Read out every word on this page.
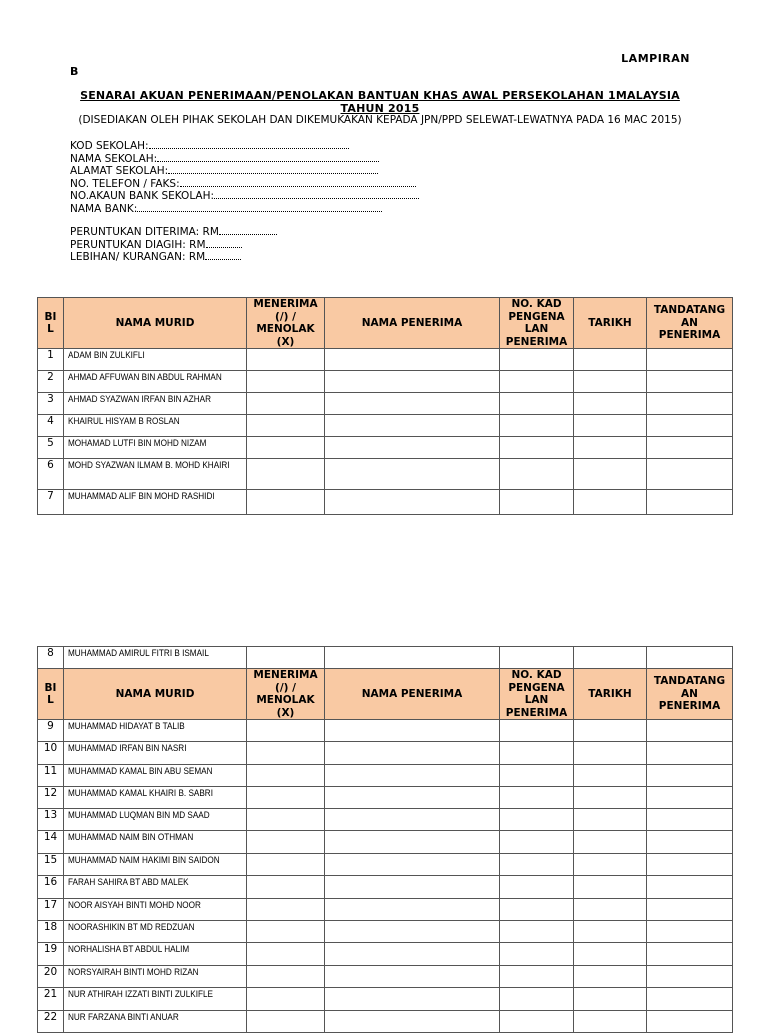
LAMPIRAN
B
SENARAI AKUAN PENERIMAAN/PENOLAKAN BANTUAN KHAS AWAL PERSEKOLAHAN 1MALAYSIA TAHUN 2015
(DISEDIAKAN OLEH PIHAK SEKOLAH DAN DIKEMUKAKAN KEPADA JPN/PPD SELEWAT-LEWATNYA PADA 16 MAC 2015)
KOD SEKOLAH:
NAMA SEKOLAH:
ALAMAT SEKOLAH:
NO. TELEFON / FAKS:
NO.AKAUN BANK SEKOLAH:
NAMA BANK:
PERUNTUKAN DITERIMA: RM
PERUNTUKAN DIAGIH: RM
LEBIHAN/ KURANGAN: RM
BI L	NAMA MURID	MENERIMA (/) / MENOLAK (X)	NAMA PENERIMA	NO. KAD PENGENA LAN PENERIMA	TARIKH	TANDATANG AN PENERIMA
1	ADAM BIN ZULKIFLI					
2	AHMAD AFFUWAN BIN ABDUL RAHMAN					
3	AHMAD SYAZWAN IRFAN BIN AZHAR					
4	KHAIRUL HISYAM B ROSLAN					
5	MOHAMAD LUTFI BIN MOHD NIZAM					
6	MOHD SYAZWAN ILMAM B. MOHD KHAIRI					
7	MUHAMMAD ALIF BIN MOHD RASHIDI					
8	MUHAMMAD AMIRUL FITRI B ISMAIL					
BI L	NAMA MURID	MENERIMA (/) / MENOLAK (X)	NAMA PENERIMA	NO. KAD PENGENA LAN PENERIMA	TARIKH	TANDATANG AN PENERIMA
9	MUHAMMAD HIDAYAT B TALIB					
10	MUHAMMAD IRFAN BIN NASRI					
11	MUHAMMAD KAMAL BIN ABU SEMAN					
12	MUHAMMAD KAMAL KHAIRI B. SABRI					
13	MUHAMMAD LUQMAN BIN MD SAAD					
14	MUHAMMAD NAIM BIN OTHMAN					
15	MUHAMMAD NAIM HAKIMI BIN SAIDON					
16	FARAH SAHIRA BT ABD MALEK					
17	NOOR AISYAH BINTI MOHD NOOR					
18	NOORASHIKIN BT MD REDZUAN					
19	NORHALISHA BT ABDUL HALIM					
20	NORSYAIRAH BINTI MOHD RIZAN					
21	NUR ATHIRAH IZZATI BINTI ZULKIFLE					
22	NUR FARZANA BINTI ANUAR					
